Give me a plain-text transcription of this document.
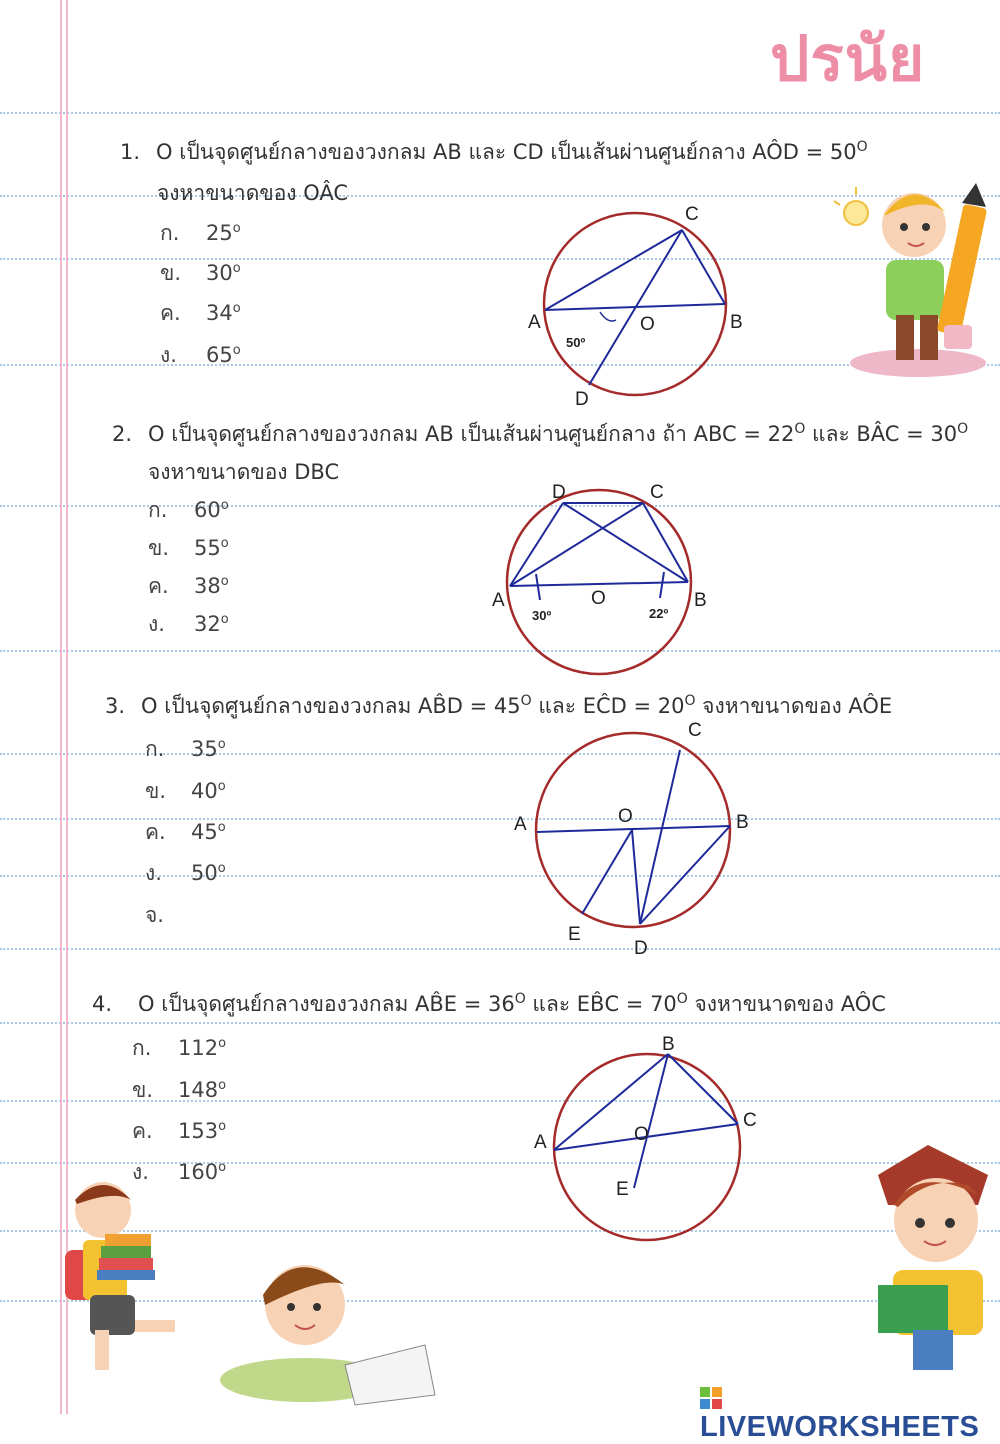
ปรนัย
1. O เป็นจุดศูนย์กลางของวงกลม AB และ CD เป็นเส้นผ่านศูนย์กลาง AÔD = $50^O$
จงหาขนาดของ OÂC
ก. 25$^o$
ข. 30$^o$
ค. 34$^o$
ง. 65$^o$
C
A	B
O
D
50º
2. O เป็นจุดศูนย์กลางของวงกลม AB เป็นเส้นผ่านศูนย์กลาง ถ้า ABC = $22^O$ และ BÂC = $30^O$
จงหาขนาดของ DBC
ก. 60$^o$
ข. 55$^o$
ค. 38$^o$
ง. 32$^o$
D	C
A	B
O
30º	22º
3. O เป็นจุดศูนย์กลางของวงกลม AB̂D = $45^O$ และ EĈD = $20^O$ จงหาขนาดของ AÔE
ก. 35$^o$
ข. 40$^o$
ค. 45$^o$
ง. 50$^o$
จ.
C
A	B
O
E
D
4. O เป็นจุดศูนย์กลางของวงกลม AB̂E = $36^O$ และ EB̂C = $70^O$ จงหาขนาดของ AÔC
ก. 112$^o$
ข. 148$^o$
ค. 153$^o$
ง. 160$^o$
B
A
C
O
E
LIVEWORKSHEETS
